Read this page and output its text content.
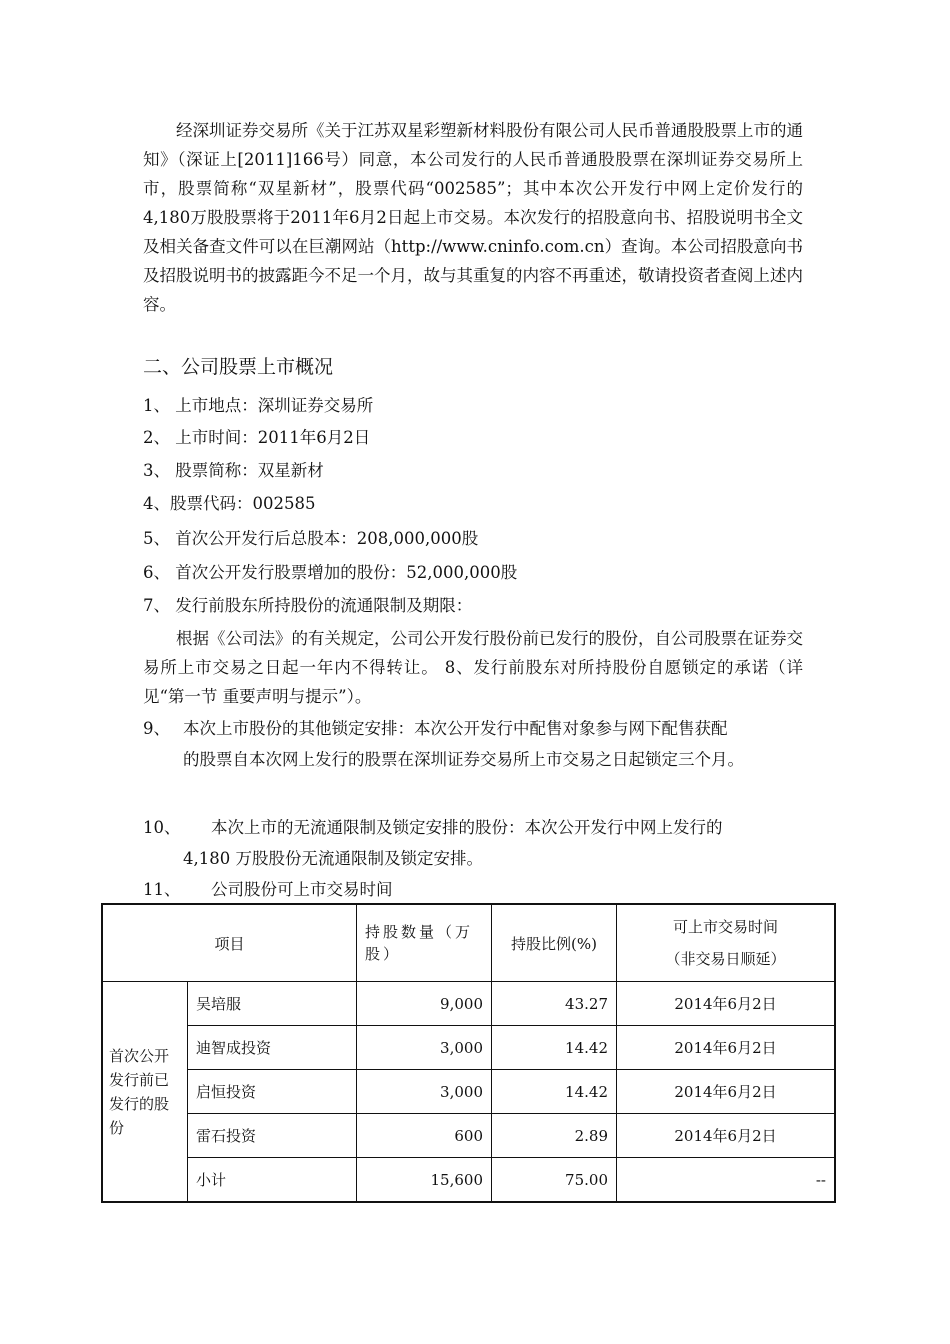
经深圳证券交易所《关于江苏双星彩塑新材料股份有限公司人民币普通股股票上市的通知》（深证上[2011]166号）同意，本公司发行的人民币普通股股票在深圳证券交易所上市，股票简称“双星新材”，股票代码“002585”；其中本次公开发行中网上定价发行的4,180万股股票将于2011年6月2日起上市交易。本次发行的招股意向书、招股说明书全文及相关备查文件可以在巨潮网站（http://www.cninfo.com.cn）查询。本公司招股意向书及招股说明书的披露距今不足一个月，故与其重复的内容不再重述，敬请投资者查阅上述内容。

二、公司股票上市概况

1、 上市地点：深圳证券交易所

2、 上市时间：2011年6月2日

3、 股票简称：双星新材

4、股票代码：002585

5、 首次公开发行后总股本：208,000,000股

6、 首次公开发行股票增加的股份：52,000,000股

7、 发行前股东所持股份的流通限制及期限：

根据《公司法》的有关规定，公司公开发行股份前已发行的股份，自公司股票在证券交易所上市交易之日起一年内不得转让。 8、发行前股东对所持股份自愿锁定的承诺（详见“第一节 重要声明与提示”）。

9、 本次上市股份的其他锁定安排：本次公开发行中配售对象参与网下配售获配

的股票自本次网上发行的股票在深圳证券交易所上市交易之日起锁定三个月。

10、 本次上市的无流通限制及锁定安排的股份：本次公开发行中网上发行的

4,180 万股股份无流通限制及锁定安排。

11、 公司股份可上市交易时间

项目		持股数量（万股）	持股比例(%)	可上市交易时间
（非交易日顺延）

首次公开发行前已发行的股份	吴培服	9,000	43.27	2014年6月2日
	迪智成投资	3,000	14.42	2014年6月2日
	启恒投资	3,000	14.42	2014年6月2日
	雷石投资	600	2.89	2014年6月2日
	小计	15,600	75.00	--
